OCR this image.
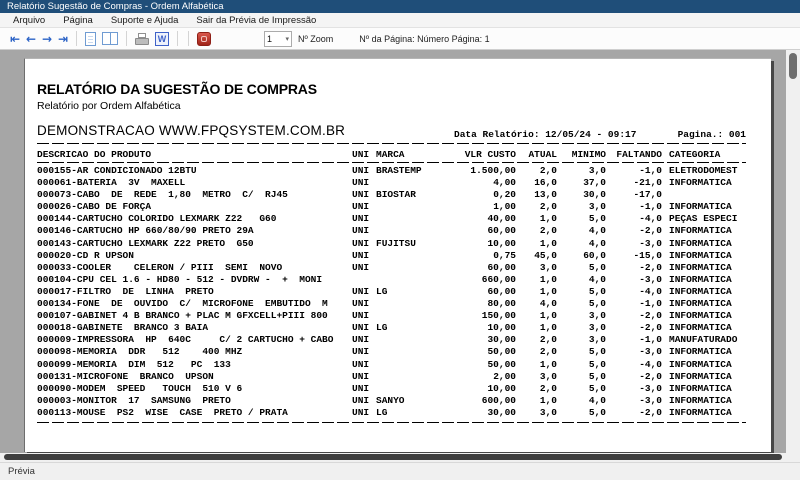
Relatório Sugestão de Compras - Ordem Alfabética
Arquivo	Página	Suporte e Ajuda	Sair da Prévia de Impressão
⇤ ← → ⇥	W	1 ▾ Nº Zoom	Nº da Página: Número Página: 1
RELATÓRIO DA SUGESTÃO DE COMPRAS
Relatório por Ordem Alfabética
DEMONSTRACAO WWW.FPQSYSTEM.COM.BR	Data Relatório: 12/05/24 - 09:17	Pagina.: 001
DESCRICAO DO PRODUTO	UNI MARCA	VLR CUSTO	ATUAL	MINIMO	FALTANDO CATEGORIA
000155-AR CONDICIONADO 12BTU	UNI BRASTEMP	1.500,00	2,0	3,0	-1,0 ELETRODOMEST
000061-BATERIA  3V  MAXELL	UNI	4,00	16,0	37,0	-21,0 INFORMATICA
000073-CABO  DE  REDE  1,80  METRO  C/  RJ45	UNI BIOSTAR	0,20	13,0	30,0	-17,0
000026-CABO DE FORÇA	UNI	1,00	2,0	3,0	-1,0 INFORMATICA
000144-CARTUCHO COLORIDO LEXMARK Z22   G60	UNI	40,00	1,0	5,0	-4,0 PEÇAS ESPECI
000146-CARTUCHO HP 660/80/90 PRETO 29A	UNI	60,00	2,0	4,0	-2,0 INFORMATICA
000143-CARTUCHO LEXMARK Z22 PRETO  G50	UNI FUJITSU	10,00	1,0	4,0	-3,0 INFORMATICA
000020-CD R UPSON	UNI	0,75	45,0	60,0	-15,0 INFORMATICA
000033-COOLER    CELERON / PIII  SEMI  NOVO	UNI	60,00	3,0	5,0	-2,0 INFORMATICA
000104-CPU CEL 1.6 - HD80 - 512 - DVDRW -  +  MONI	660,00	1,0	4,0	-3,0 INFORMATICA
000017-FILTRO  DE  LINHA  PRETO	UNI LG	60,00	1,0	5,0	-4,0 INFORMATICA
000134-FONE  DE  OUVIDO  C/  MICROFONE  EMBUTIDO  M	UNI	80,00	4,0	5,0	-1,0 INFORMATICA
000107-GABINET 4 B BRANCO + PLAC M GFXCELL+PIII 800	UNI	150,00	1,0	3,0	-2,0 INFORMATICA
000018-GABINETE  BRANCO 3 BAIA	UNI LG	10,00	1,0	3,0	-2,0 INFORMATICA
000009-IMPRESSORA  HP  640C     C/ 2 CARTUCHO + CABO	UNI	30,00	2,0	3,0	-1,0 MANUFATURADO
000098-MEMORIA  DDR   512    400 MHZ	UNI	50,00	2,0	5,0	-3,0 INFORMATICA
000099-MEMORIA  DIM  512   PC  133	UNI	50,00	1,0	5,0	-4,0 INFORMATICA
000131-MICROFONE  BRANCO  UPSON	UNI	2,00	3,0	5,0	-2,0 INFORMATICA
000090-MODEM  SPEED   TOUCH  510 V 6	UNI	10,00	2,0	5,0	-3,0 INFORMATICA
000003-MONITOR  17  SAMSUNG  PRETO	UNI SANYO	600,00	1,0	4,0	-3,0 INFORMATICA
000113-MOUSE  PS2  WISE  CASE  PRETO / PRATA	UNI LG	30,00	3,0	5,0	-2,0 INFORMATICA
Prévia
